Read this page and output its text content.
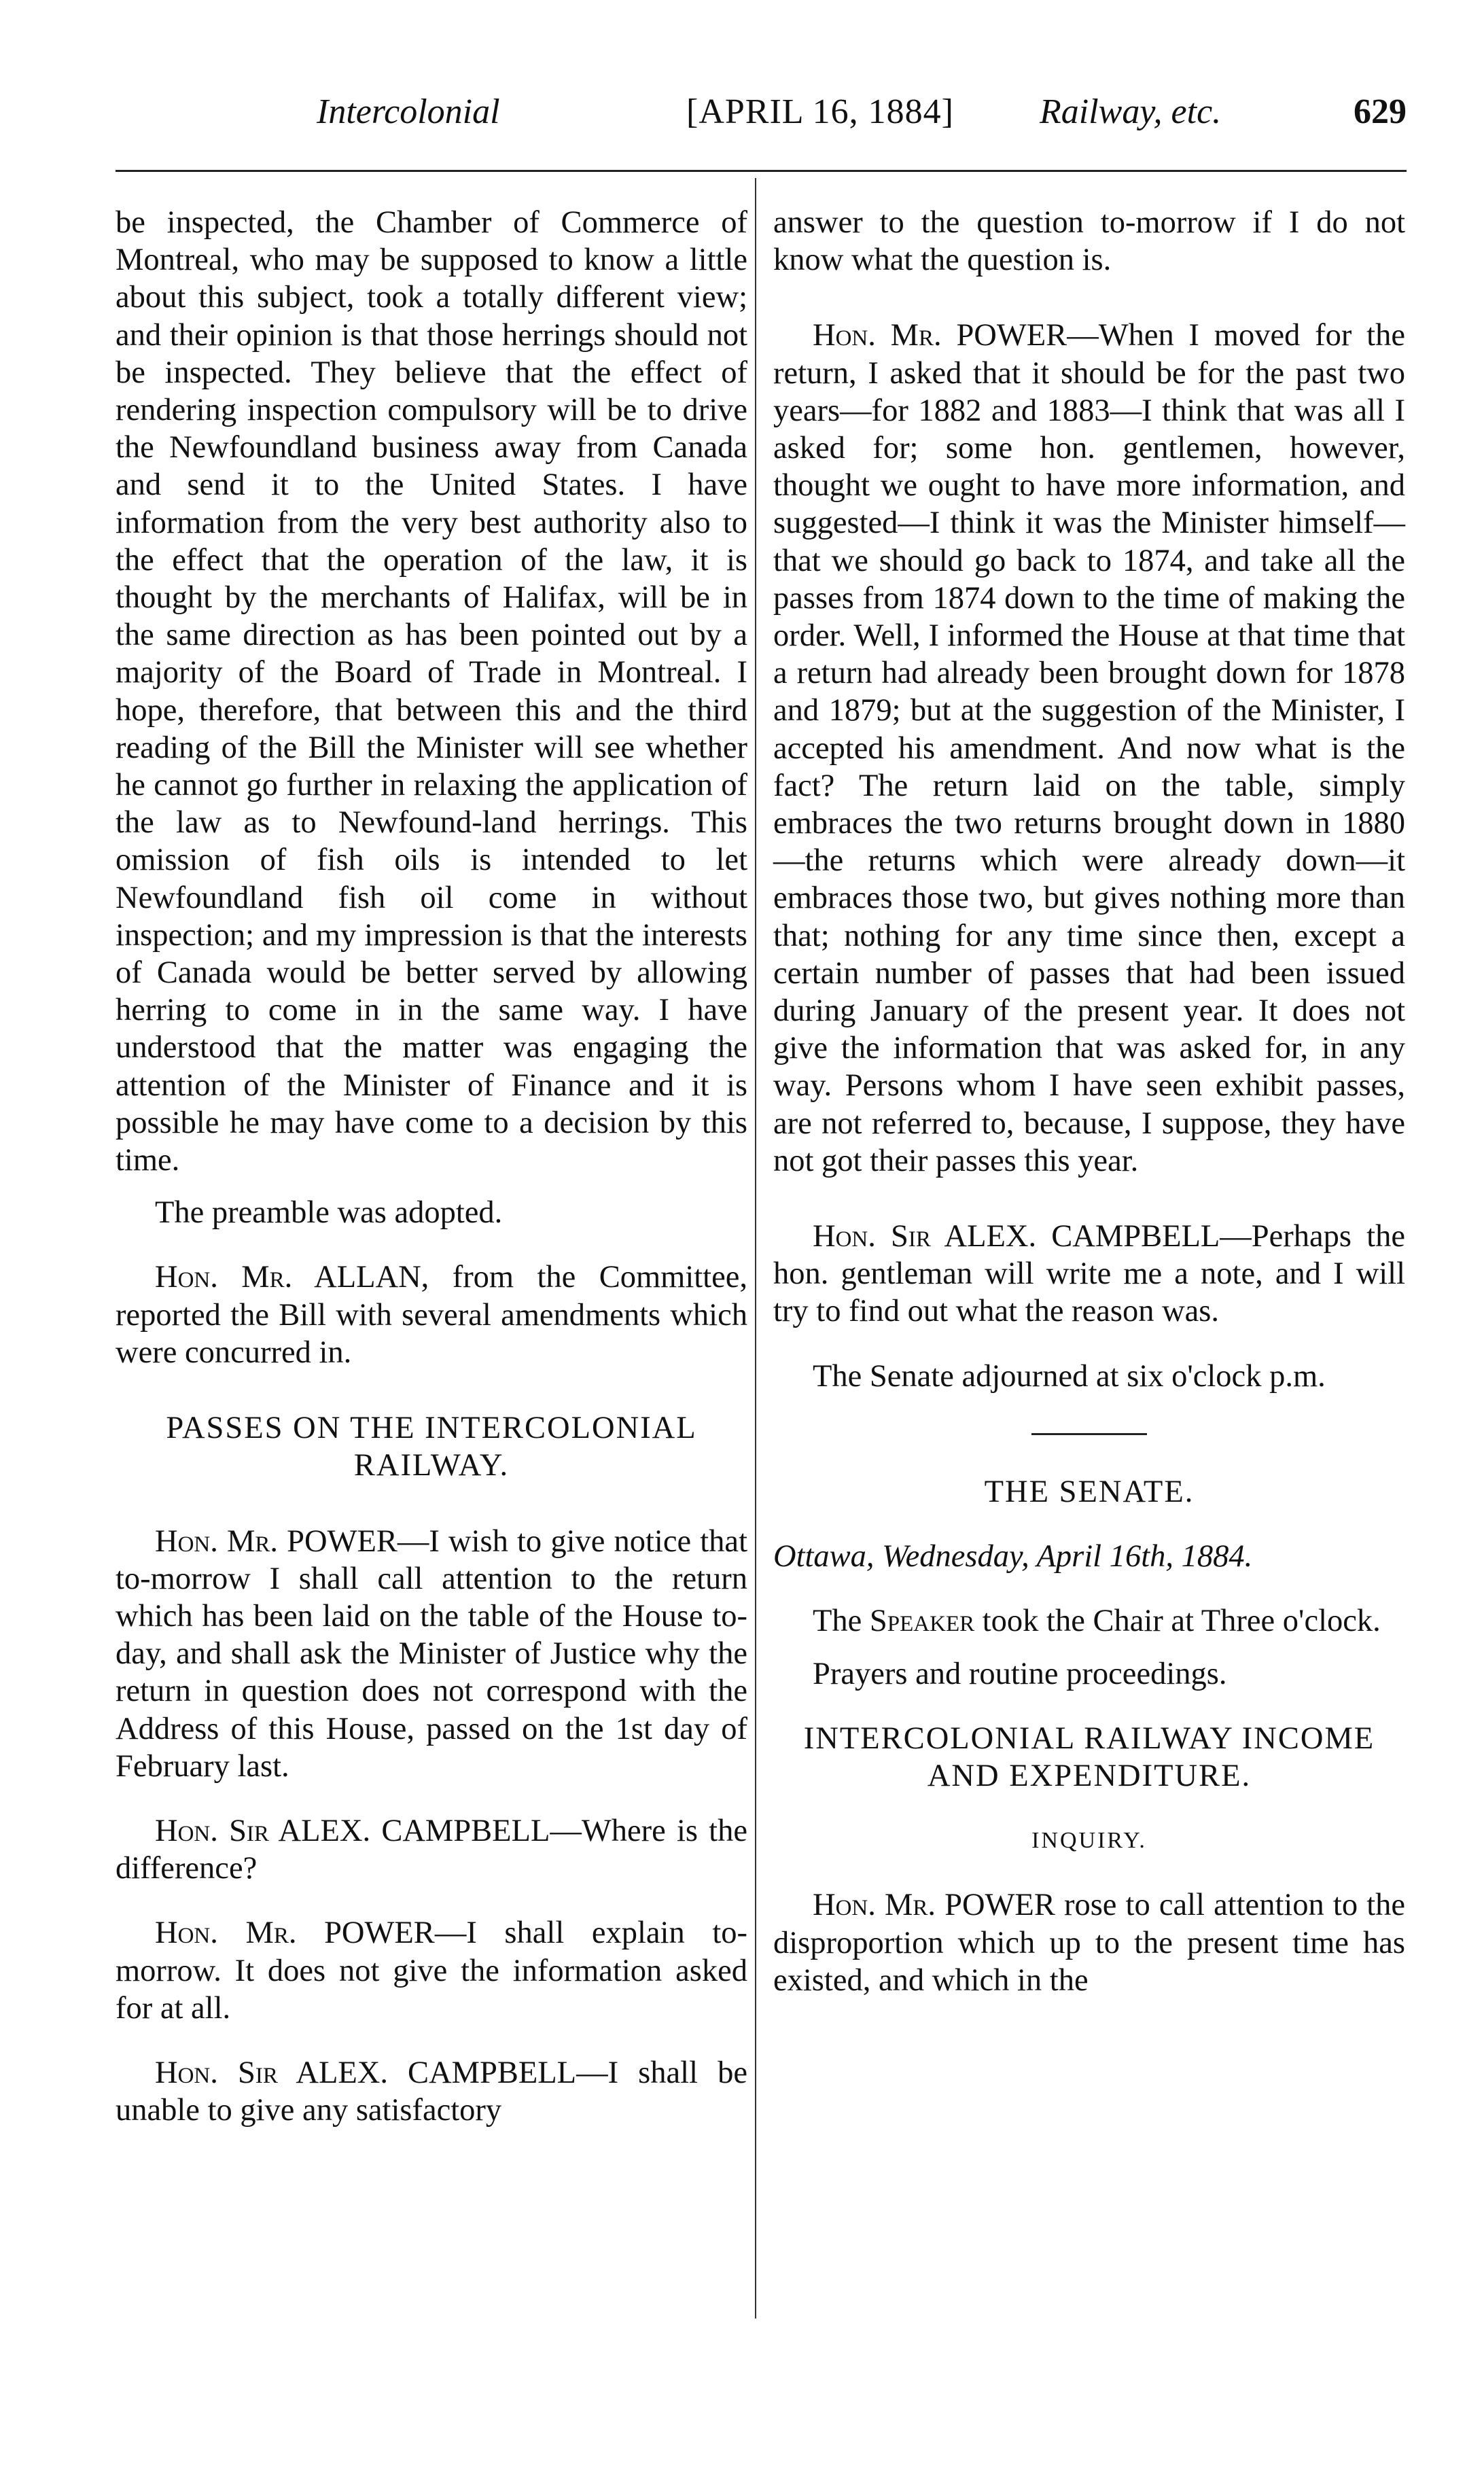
Intercolonial	[APRIL 16, 1884] Railway, etc.	629

be inspected, the Chamber of Commerce of Montreal, who may be supposed to know a little about this subject, took a totally different view; and their opinion is that those herrings should not be inspected. They believe that the effect of rendering inspection compulsory will be to drive the Newfoundland business away from Canada and send it to the United States. I have information from the very best authority also to the effect that the operation of the law, it is thought by the merchants of Halifax, will be in the same direction as has been pointed out by a majority of the Board of Trade in Montreal. I hope, therefore, that between this and the third reading of the Bill the Minister will see whether he cannot go further in relaxing the application of the law as to Newfound-land herrings. This omission of fish oils is intended to let Newfoundland fish oil come in without inspection; and my impression is that the interests of Canada would be better served by allowing herring to come in in the same way. I have understood that the matter was engaging the attention of the Minister of Finance and it is possible he may have come to a decision by this time.

The preamble was adopted.

Hon. Mr. ALLAN, from the Committee, reported the Bill with several amendments which were concurred in.

PASSES ON THE INTERCOLONIAL RAILWAY.

Hon. Mr. POWER—I wish to give notice that to-morrow I shall call attention to the return which has been laid on the table of the House to-day, and shall ask the Minister of Justice why the return in question does not correspond with the Address of this House, passed on the 1st day of February last.

Hon. Sir ALEX. CAMPBELL—Where is the difference?

Hon. Mr. POWER—I shall explain to-morrow. It does not give the information asked for at all.

Hon. Sir ALEX. CAMPBELL—I shall be unable to give any satisfactory

answer to the question to-morrow if I do not know what the question is.

Hon. Mr. POWER—When I moved for the return, I asked that it should be for the past two years—for 1882 and 1883—I think that was all I asked for; some hon. gentlemen, however, thought we ought to have more information, and suggested—I think it was the Minister himself—that we should go back to 1874, and take all the passes from 1874 down to the time of making the order. Well, I informed the House at that time that a return had already been brought down for 1878 and 1879; but at the suggestion of the Minister, I accepted his amendment. And now what is the fact? The return laid on the table, simply embraces the two returns brought down in 1880—the returns which were already down—it embraces those two, but gives nothing more than that; nothing for any time since then, except a certain number of passes that had been issued during January of the present year. It does not give the information that was asked for, in any way. Persons whom I have seen exhibit passes, are not referred to, because, I suppose, they have not got their passes this year.

Hon. Sir ALEX. CAMPBELL—Perhaps the hon. gentleman will write me a note, and I will try to find out what the reason was.

The Senate adjourned at six o'clock p.m.

THE SENATE.

Ottawa, Wednesday, April 16th, 1884.

The Speaker took the Chair at Three o'clock.

Prayers and routine proceedings.

INTERCOLONIAL RAILWAY INCOME AND EXPENDITURE.

INQUIRY.

Hon. Mr. POWER rose to call attention to the disproportion which up to the present time has existed, and which in the
